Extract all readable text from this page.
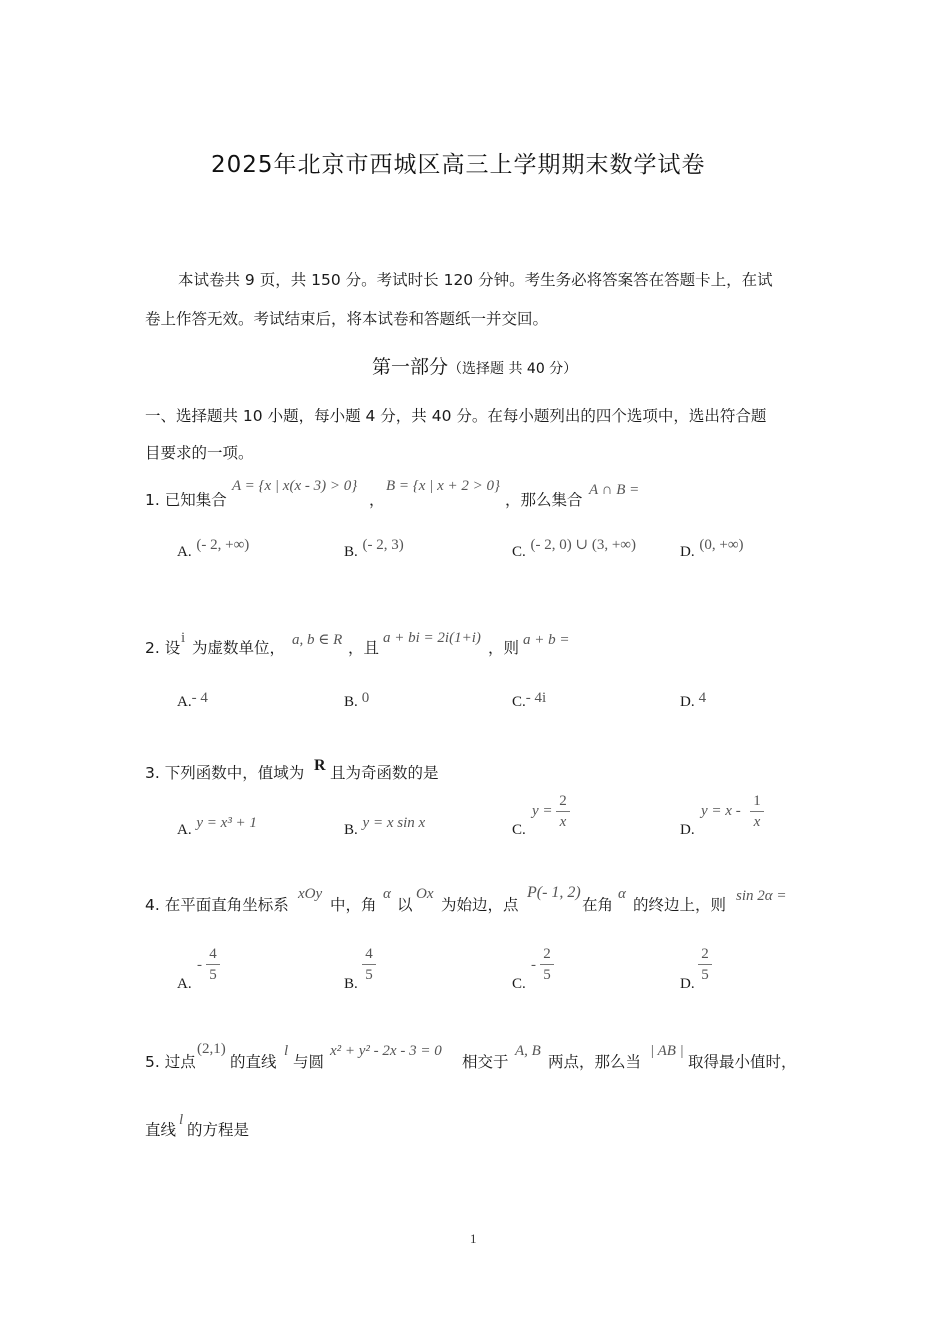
2025年北京市西城区高三上学期期末数学试卷
本试卷共 9 页，共 150 分。考试时长 120 分钟。考生务必将答案答在答题卡上，在试
卷上作答无效。考试结束后，将本试卷和答题纸一并交回。
第一部分（选择题 共 40 分）
一、选择题共 10 小题，每小题 4 分，共 40 分。在每小题列出的四个选项中，选出符合题
目要求的一项。
1. 已知集合
A = {x | x(x - 3) > 0}
，
B = {x | x + 2 > 0}
，那么集合
A ∩ B =
A. (- 2, +∞)	B. (- 2, 3)	C. (- 2, 0) ∪ (3, +∞)	D. (0, +∞)
2. 设
i
为虚数单位， a, b ∈ R ，且
a + bi = 2i(1+i)
，则 a + b =
A.- 4	B. 0	C.- 4i	D. 4
3. 下列函数中，值域为 R 且为奇函数的是
A. y = x³ + 1	B. y = x sin x	C.
y =
2
x	D.
y = x -
1
x
4. 在平面直角坐标系
xOy
中，角
α
以
Ox
为始边，点
P(- 1, 2)
在角
α
的终边上，则 sin 2α =
A.
-
4
5
B.
4
5
C.
-
2
5
D.
2
5
5. 过点
(2,1)
的直线
l
与圆
x² + y² - 2x - 3 = 0
相交于
A, B
两点，那么当
| AB |
取得最小值时，
直线
l
的方程是
1
